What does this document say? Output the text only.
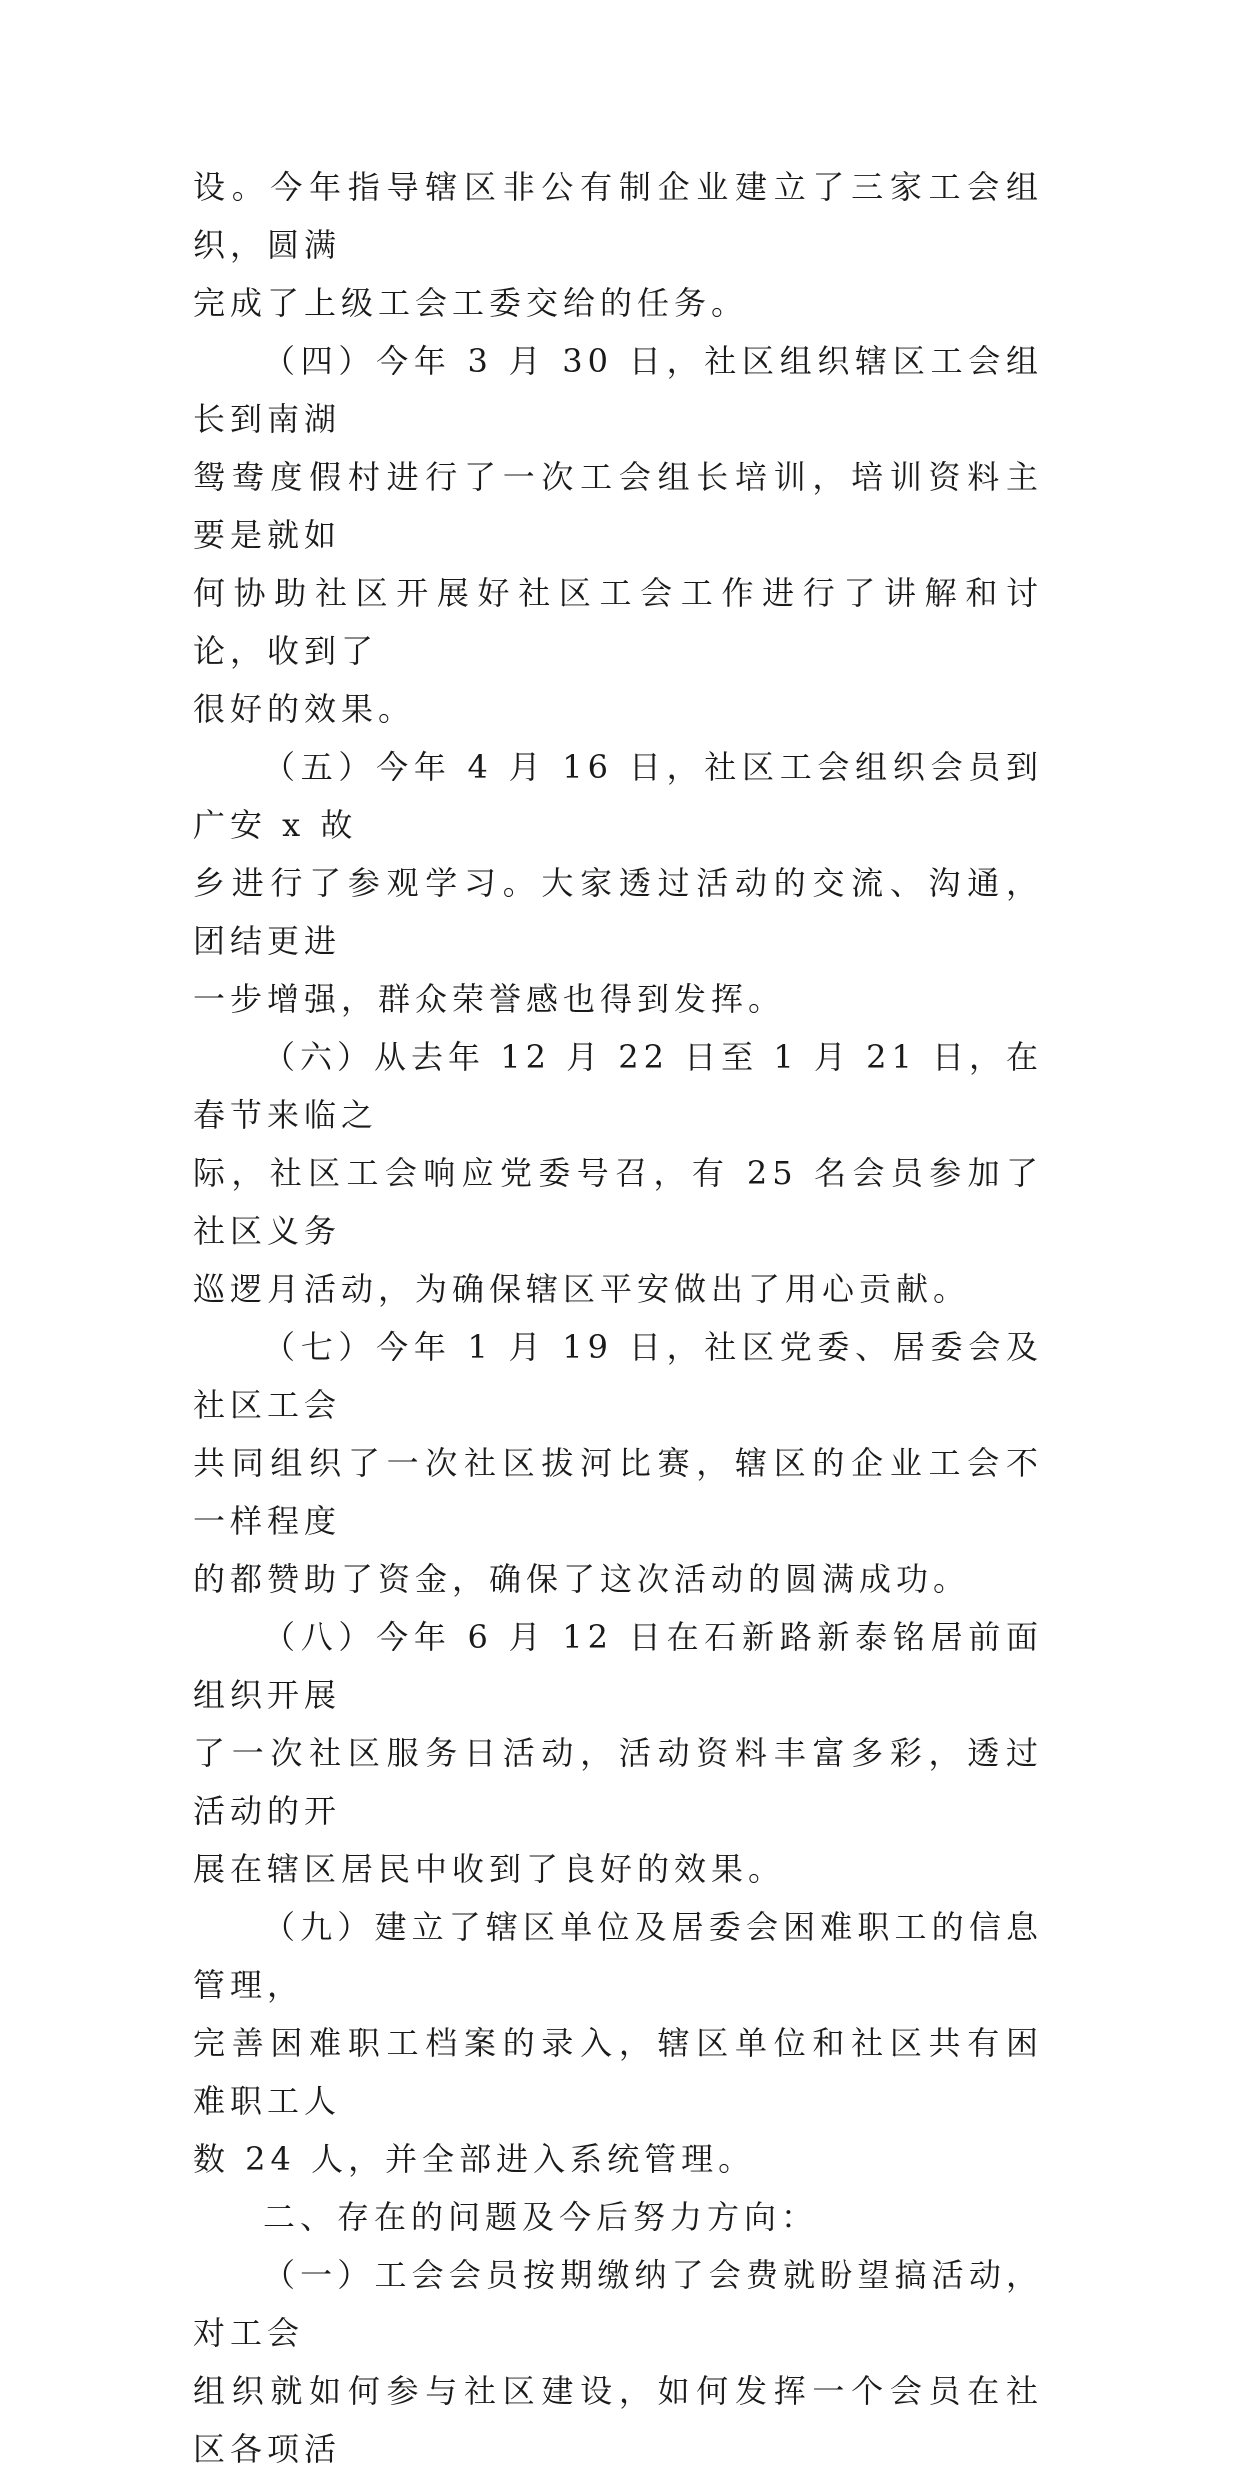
设。今年指导辖区非公有制企业建立了三家工会组织，圆满

完成了上级工会工委交给的任务。

（四）今年 3 月 30 日，社区组织辖区工会组长到南湖

鸳鸯度假村进行了一次工会组长培训，培训资料主要是就如

何协助社区开展好社区工会工作进行了讲解和讨论，收到了

很好的效果。

（五）今年 4 月 16 日，社区工会组织会员到广安 x 故

乡进行了参观学习。大家透过活动的交流、沟通，团结更进

一步增强，群众荣誉感也得到发挥。

（六）从去年 12 月 22 日至 1 月 21 日，在春节来临之

际，社区工会响应党委号召，有 25 名会员参加了社区义务

巡逻月活动，为确保辖区平安做出了用心贡献。

（七）今年 1 月 19 日，社区党委、居委会及社区工会

共同组织了一次社区拔河比赛，辖区的企业工会不一样程度

的都赞助了资金，确保了这次活动的圆满成功。

（八）今年 6 月 12 日在石新路新泰铭居前面组织开展

了一次社区服务日活动，活动资料丰富多彩，透过活动的开

展在辖区居民中收到了良好的效果。

（九）建立了辖区单位及居委会困难职工的信息管理，

完善困难职工档案的录入，辖区单位和社区共有困难职工人

数 24 人，并全部进入系统管理。

二、存在的问题及今后努力方向：

（一）工会会员按期缴纳了会费就盼望搞活动，对工会

组织就如何参与社区建设，如何发挥一个会员在社区各项活
